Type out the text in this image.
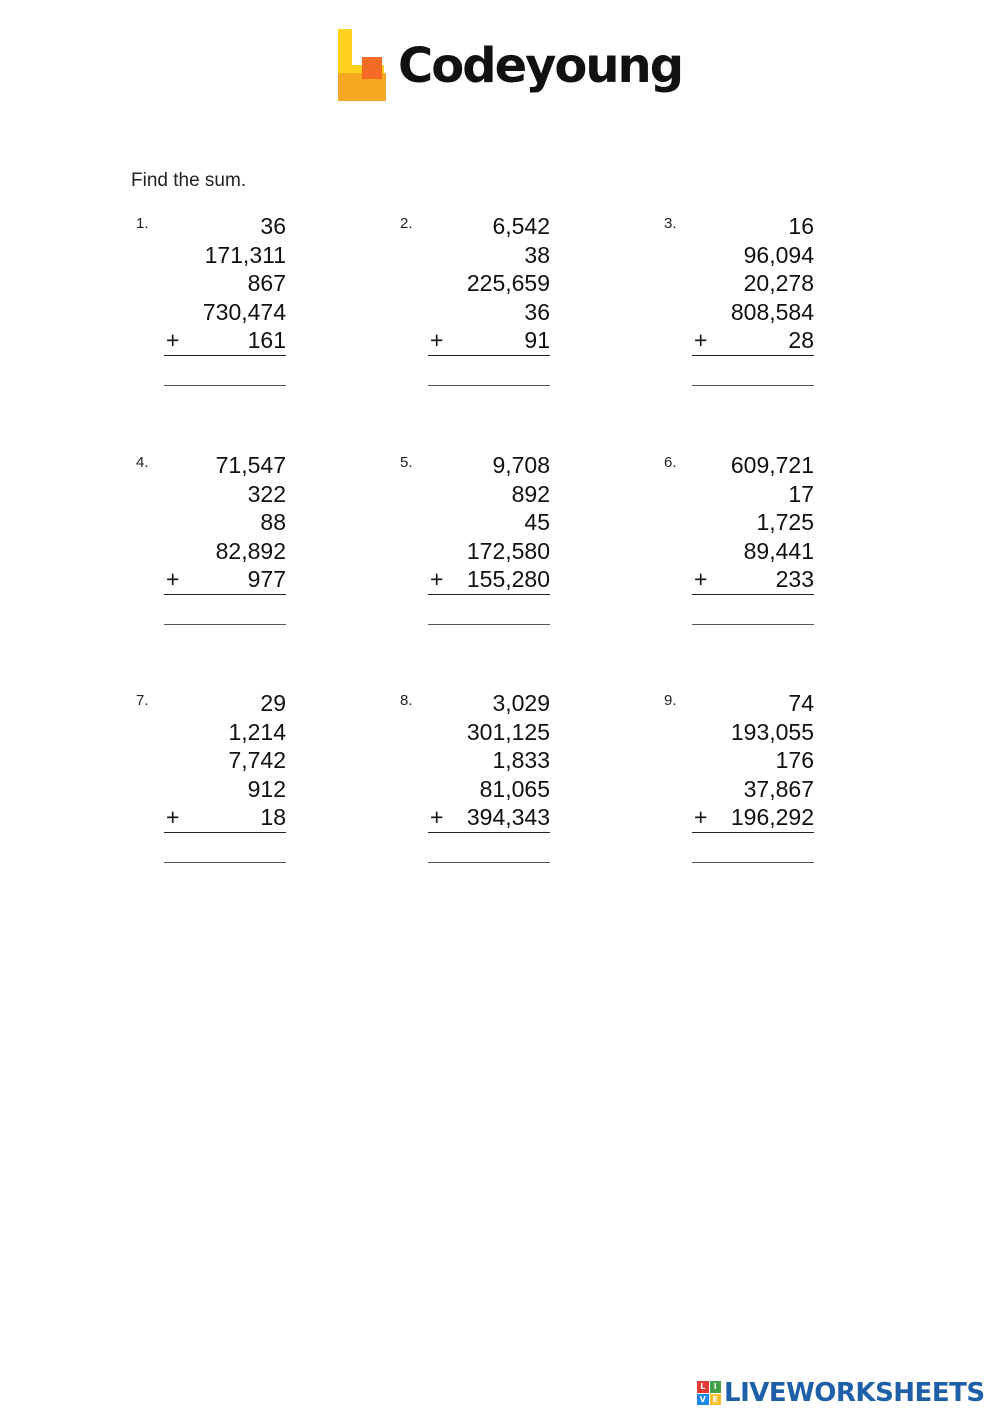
Codeyoung
Find the sum.
1.	36
171,311
867
730,474
161
+
2.	6,542
38
225,659
36
91
+
3.	16
96,094
20,278
808,584
28
+
4.	71,547
322
88
82,892
977
+
5.	9,708
892
45
172,580
155,280
+
6. 609,721
17
1,725
89,441
233
+
7.	29
1,214
7,742
912
18
+
8.	3,029
301,125
1,833
81,065
394,343
+
9.	74
193,055
176
37,867
196,292
+
L	I
V E LIVEWORKSHEETS
